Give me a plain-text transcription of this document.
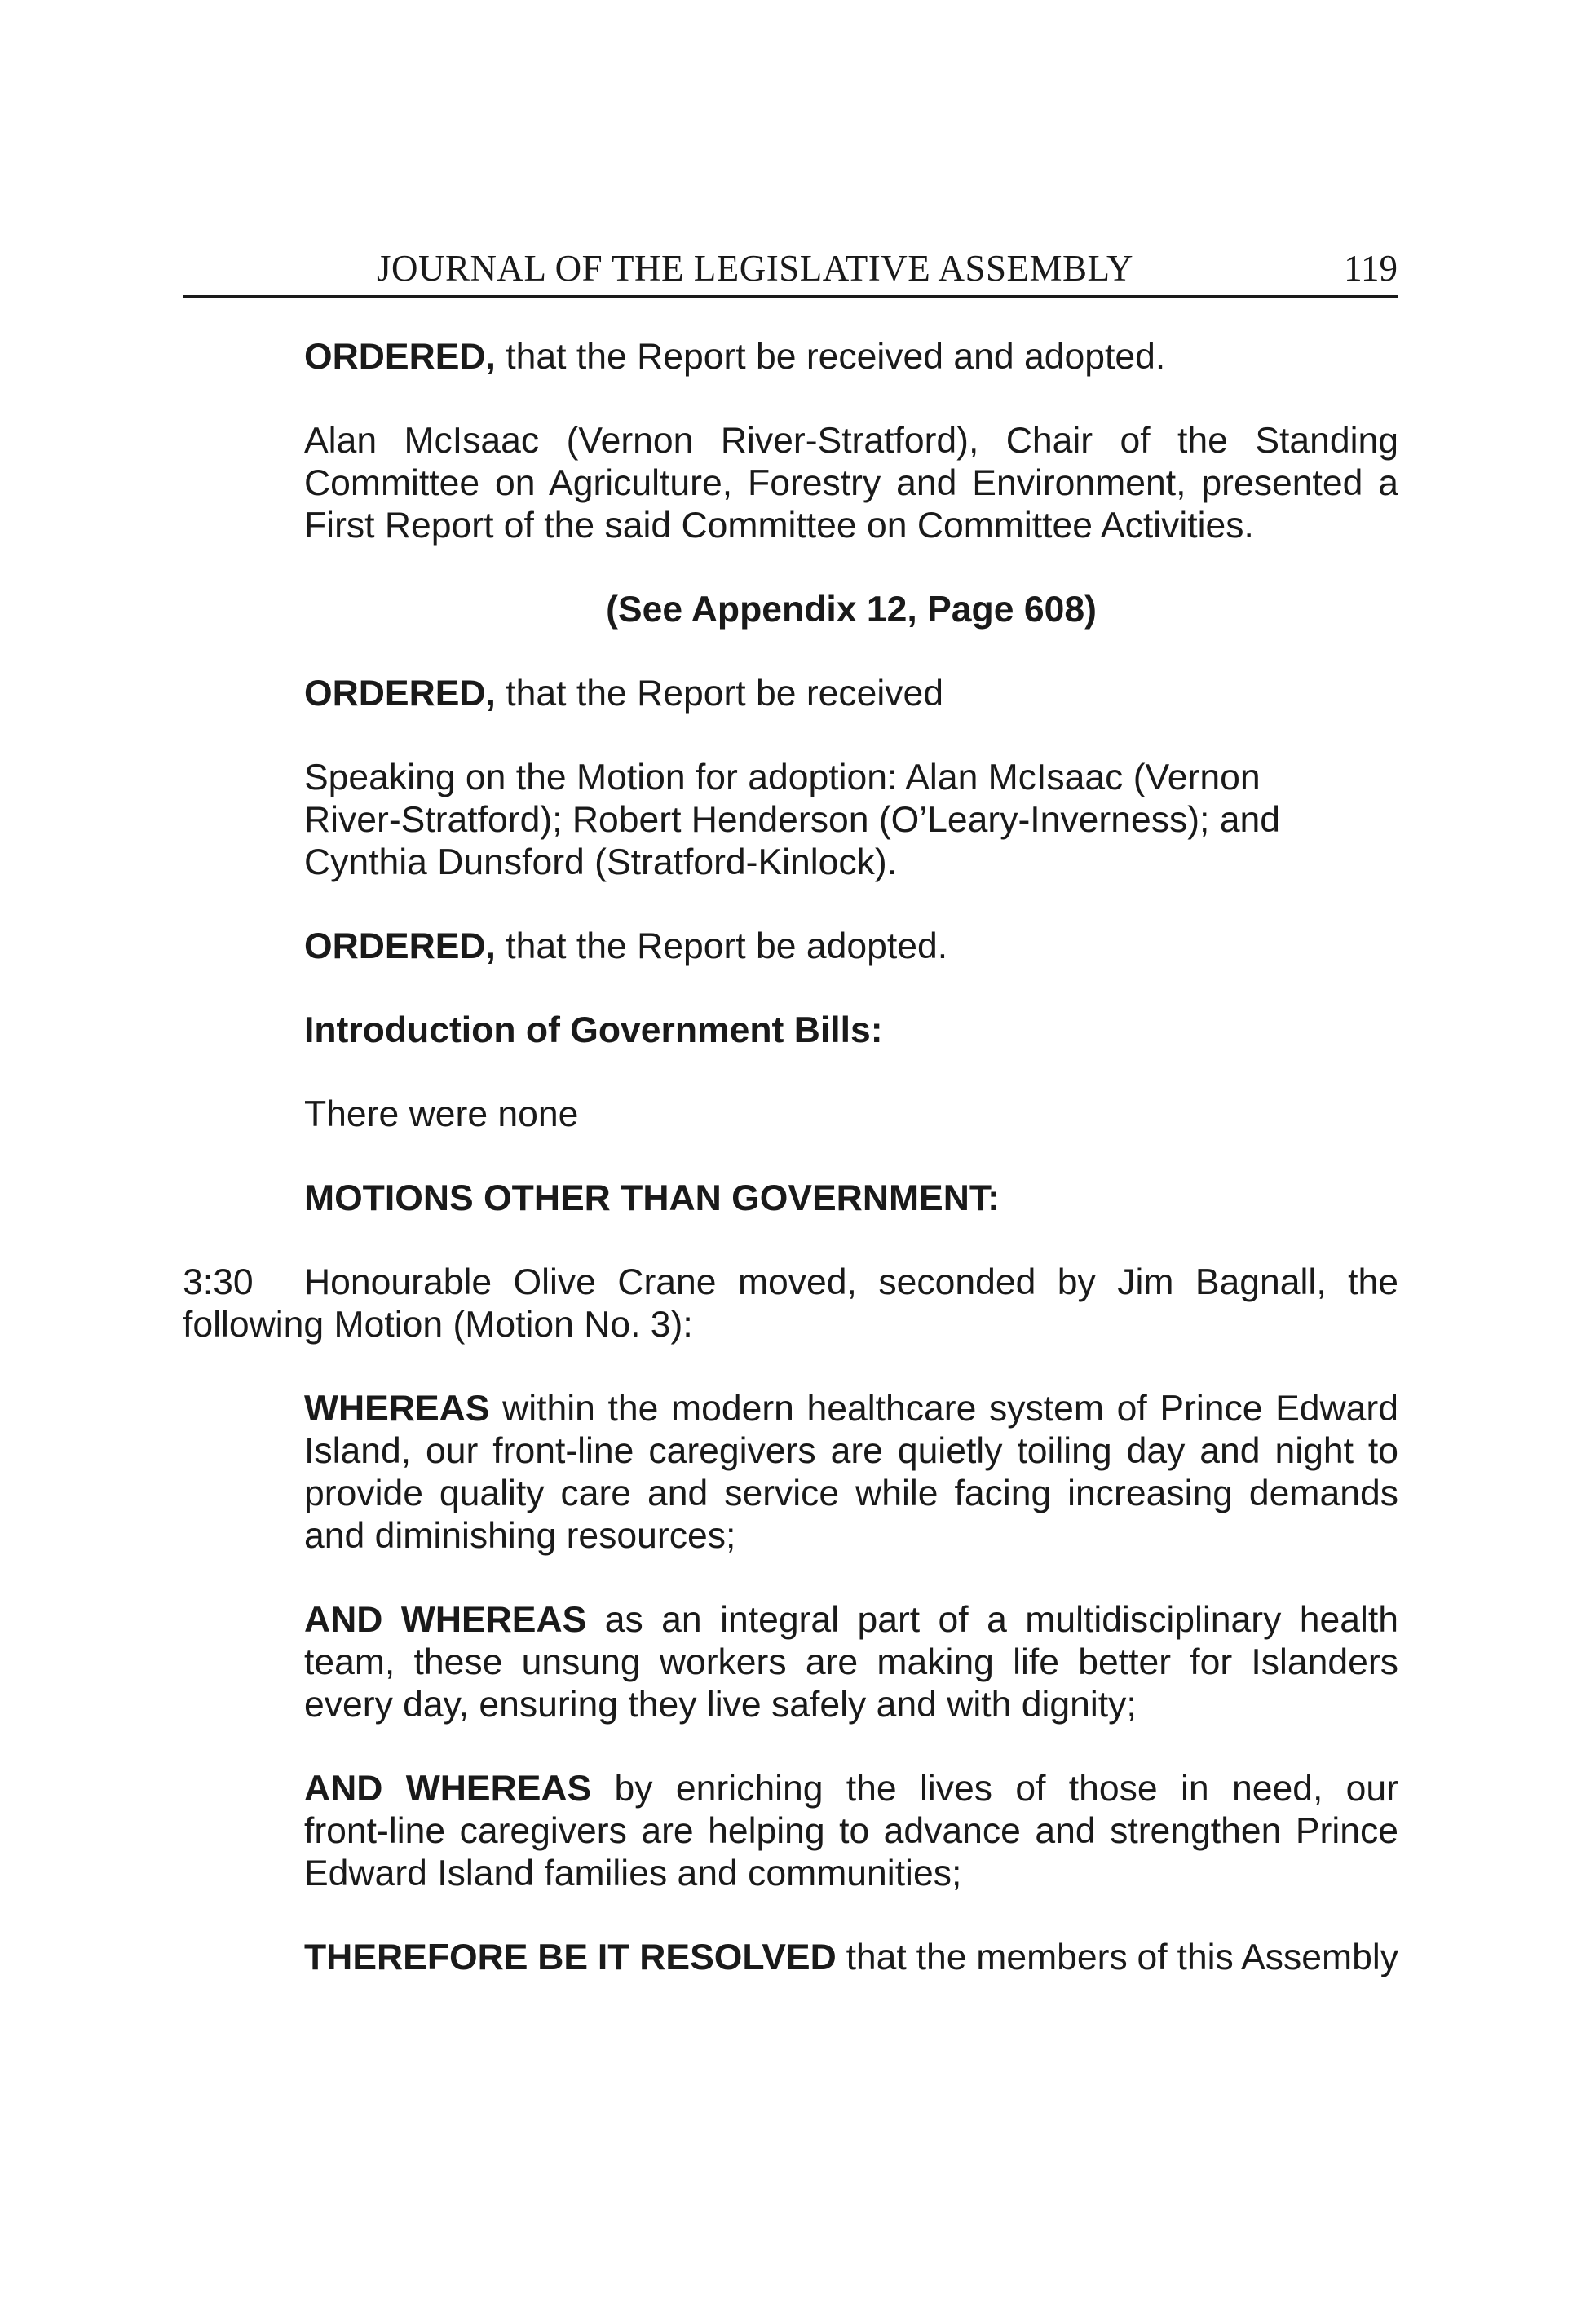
JOURNAL OF THE LEGISLATIVE ASSEMBLY	119

ORDERED, that the Report be received and adopted.

Alan McIsaac (Vernon River-Stratford), Chair of the Standing
Committee on Agriculture, Forestry and Environment, presented a
First Report of the said Committee on Committee Activities.

(See Appendix 12, Page 608)

ORDERED, that the Report be received

Speaking on the Motion for adoption: Alan McIsaac (Vernon
River-Stratford); Robert Henderson (O’Leary-Inverness); and
Cynthia Dunsford (Stratford-Kinlock).

ORDERED, that the Report be adopted.

Introduction of Government Bills:

There were none

MOTIONS OTHER THAN GOVERNMENT:

3:30 Honourable Olive Crane moved, seconded by Jim Bagnall, the
following Motion (Motion No. 3):

WHEREAS within the modern healthcare system of Prince Edward
Island, our front-line caregivers are quietly toiling day and night to
provide quality care and service while facing increasing demands
and diminishing resources;

AND WHEREAS as an integral part of a multidisciplinary health
team, these unsung workers are making life better for Islanders
every day, ensuring they live safely and with dignity;

AND WHEREAS by enriching the lives of those in need, our
front-line caregivers are helping to advance and strengthen Prince
Edward Island families and communities;

THEREFORE BE IT RESOLVED that the members of this Assembly
